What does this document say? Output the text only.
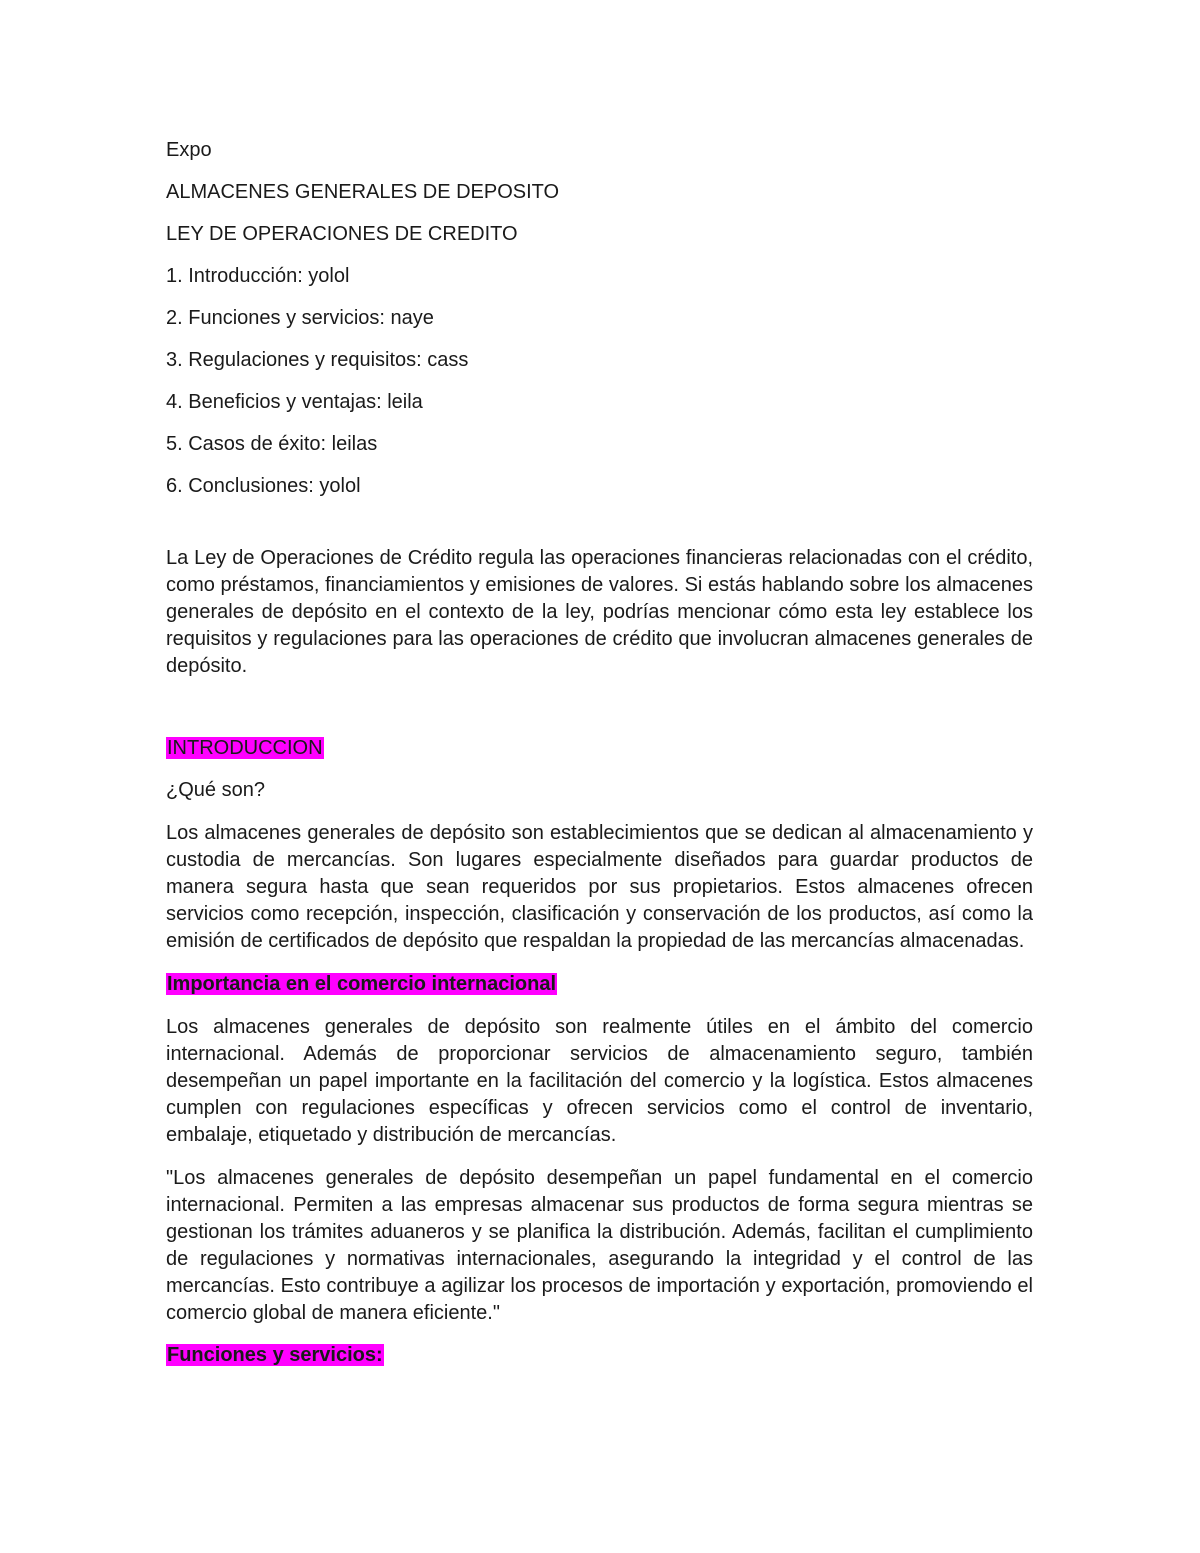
Expo
ALMACENES GENERALES DE DEPOSITO
LEY DE OPERACIONES DE CREDITO
1. Introducción: yolol
2. Funciones y servicios: naye
3. Regulaciones y requisitos: cass
4. Beneficios y ventajas: leila
5. Casos de éxito: leilas
6. Conclusiones: yolol

La Ley de Operaciones de Crédito regula las operaciones financieras relacionadas con el crédito, como préstamos, financiamientos y emisiones de valores. Si estás hablando sobre los almacenes generales de depósito en el contexto de la ley, podrías mencionar cómo esta ley establece los requisitos y regulaciones para las operaciones de crédito que involucran almacenes generales de depósito.

INTRODUCCION
¿Qué son?

Los almacenes generales de depósito son establecimientos que se dedican al almacenamiento y custodia de mercancías. Son lugares especialmente diseñados para guardar productos de manera segura hasta que sean requeridos por sus propietarios. Estos almacenes ofrecen servicios como recepción, inspección, clasificación y conservación de los productos, así como la emisión de certificados de depósito que respaldan la propiedad de las mercancías almacenadas.

Importancia en el comercio internacional

Los almacenes generales de depósito son realmente útiles en el ámbito del comercio internacional. Además de proporcionar servicios de almacenamiento seguro, también desempeñan un papel importante en la facilitación del comercio y la logística. Estos almacenes cumplen con regulaciones específicas y ofrecen servicios como el control de inventario, embalaje, etiquetado y distribución de mercancías.

"Los almacenes generales de depósito desempeñan un papel fundamental en el comercio internacional. Permiten a las empresas almacenar sus productos de forma segura mientras se gestionan los trámites aduaneros y se planifica la distribución. Además, facilitan el cumplimiento de regulaciones y normativas internacionales, asegurando la integridad y el control de las mercancías. Esto contribuye a agilizar los procesos de importación y exportación, promoviendo el comercio global de manera eficiente."

Funciones y servicios:
